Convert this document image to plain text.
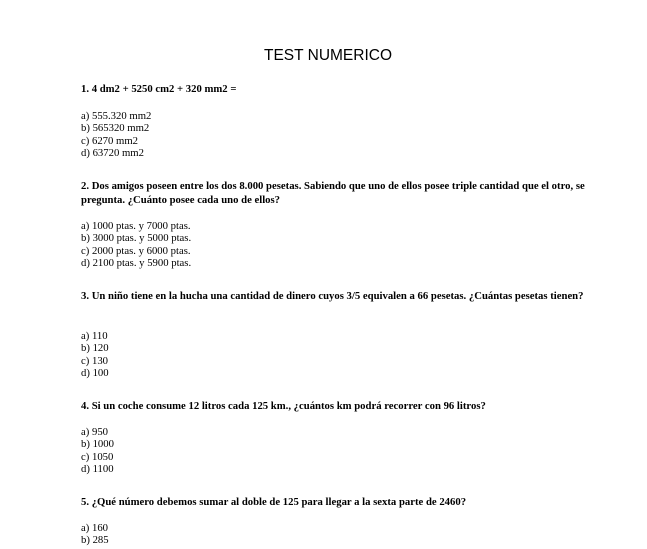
TEST NUMERICO

1. 4 dm2 + 5250 cm2 + 320 mm2 =

a) 555.320 mm2
b) 565320 mm2
c) 6270 mm2
d) 63720 mm2

2. Dos amigos poseen entre los dos 8.000 pesetas. Sabiendo que uno de ellos posee triple cantidad que el otro, se pregunta. ¿Cuánto posee cada uno de ellos?

a) 1000 ptas. y 7000 ptas.
b) 3000 ptas. y 5000 ptas.
c) 2000 ptas. y 6000 ptas.
d) 2100 ptas. y 5900 ptas.

3. Un niño tiene en la hucha una cantidad de dinero cuyos 3/5 equivalen a 66 pesetas. ¿Cuántas pesetas tienen?

a) 110
b) 120
c) 130
d) 100

4. Si un coche consume 12 litros cada 125 km., ¿cuántos km podrá recorrer con 96 litros?

a) 950
b) 1000
c) 1050
d) 1100

5. ¿Qué número debemos sumar al doble de 125 para llegar a la sexta parte de 2460?

a) 160
b) 285
